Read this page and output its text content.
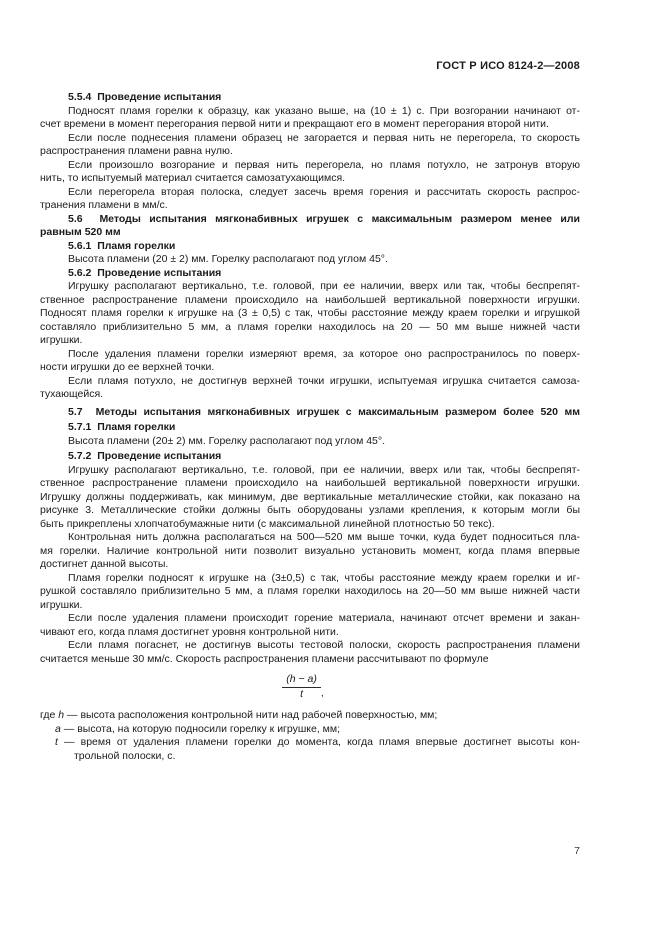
ГОСТ Р ИСО 8124-2—2008
5.5.4  Проведение испытания
Подносят пламя горелки к образцу, как указано выше, на (10 ± 1) с. При возгорании начинают от-
счет времени в момент перегорания первой нити и прекращают его в момент перегорания второй нити.
Если после поднесения пламени образец не загорается и первая нить не перегорела, то скорость
распространения пламени равна нулю.
Если произошло возгорание и первая нить перегорела, но пламя потухло, не затронув вторую
нить, то испытуемый материал считается самозатухающимся.
Если перегорела вторая полоска, следует засечь время горения и рассчитать скорость распрос-
транения пламени в мм/с.
5.6  Методы испытания мягконабивных игрушек с максимальным размером менее или
равным 520 мм
5.6.1  Пламя горелки
Высота пламени (20 ± 2) мм. Горелку располагают под углом 45°.
5.6.2  Проведение испытания
Игрушку располагают вертикально, т.е. головой, при ее наличии, вверх или так, чтобы беспрепят-
ственное распространение пламени происходило на наибольшей вертикальной поверхности игрушки.
Подносят пламя горелки к игрушке на (3 ± 0,5) с так, чтобы расстояние между краем горелки и игрушкой
составляло приблизительно 5 мм, а пламя горелки находилось на 20 — 50 мм выше нижней части
игрушки.
После удаления пламени горелки измеряют время, за которое оно распространилось по поверх-
ности игрушки до ее верхней точки.
Если пламя потухло, не достигнув верхней точки игрушки, испытуемая игрушка считается самоза-
тухающейся.
5.7  Методы испытания мягконабивных игрушек с максимальным размером более 520 мм
5.7.1  Пламя горелки
Высота пламени (20± 2) мм. Горелку располагают под углом 45°.
5.7.2  Проведение испытания
Игрушку располагают вертикально, т.е. головой, при ее наличии, вверх или так, чтобы беспрепят-
ственное распространение пламени происходило на наибольшей вертикальной поверхности игрушки.
Игрушку должны поддерживать, как минимум, две вертикальные металлические стойки, как показано на
рисунке 3. Металлические стойки должны быть оборудованы узлами крепления, к которым могли бы
быть прикреплены хлопчатобумажные нити (с максимальной линейной плотностью 50 текс).
Контрольная нить должна располагаться на 500—520 мм выше точки, куда будет подноситься пла-
мя горелки. Наличие контрольной нити позволит визуально установить момент, когда пламя впервые
достигнет данной высоты.
Пламя горелки подносят к игрушке на (3±0,5) с так, чтобы расстояние между краем горелки и иг-
рушкой составляло приблизительно 5 мм, а пламя горелки находилось на 20—50 мм выше нижней части
игрушки.
Если после удаления пламени происходит горение материала, начинают отсчет времени и закан-
чивают его, когда пламя достигнет уровня контрольной нити.
Если пламя погаснет, не достигнув высоты тестовой полоски, скорость распространения пламени
считается меньше 30 мм/с. Скорость распространения пламени рассчитывают по формуле
$\frac{(h - a)}{t}$ ,
где h — высота расположения контрольной нити над рабочей поверхностью, мм;
a — высота, на которую подносили горелку к игрушке, мм;
t — время от удаления пламени горелки до момента, когда пламя впервые достигнет высоты кон-
трольной полоски, с.
7
